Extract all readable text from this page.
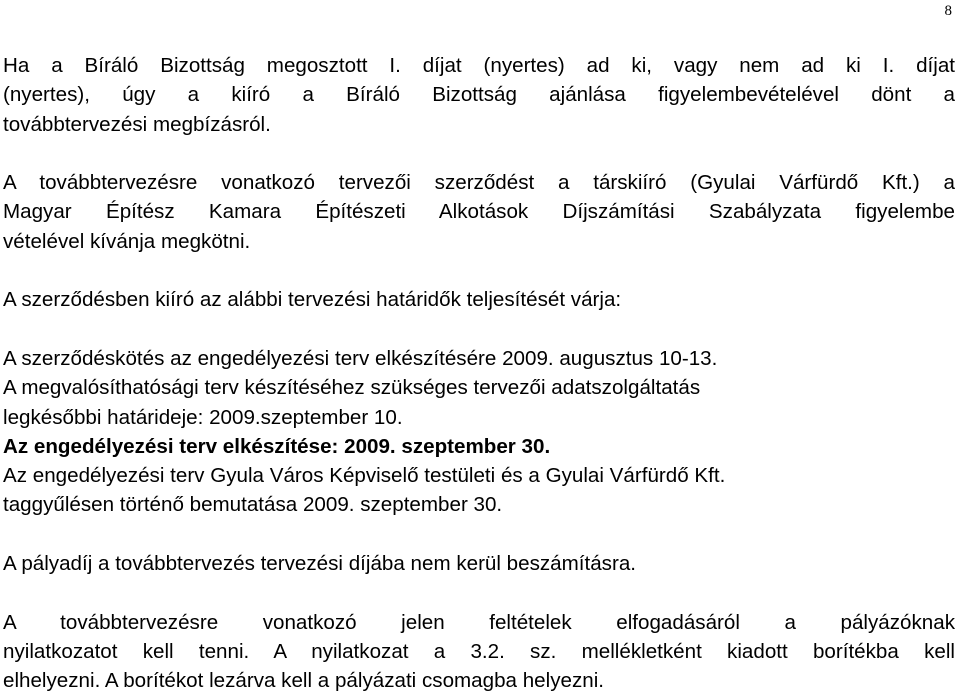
8

Ha a Bíráló Bizottság megosztott I. díjat (nyertes) ad ki, vagy nem ad ki I. díjat
(nyertes), úgy a kiíró a Bíráló Bizottság ajánlása figyelembevételével dönt a
továbbtervezési megbízásról.

A továbbtervezésre vonatkozó tervezői szerződést a társkiíró (Gyulai Várfürdő Kft.) a
Magyar Építész Kamara Építészeti Alkotások Díjszámítási Szabályzata figyelembe
vételével kívánja megkötni.

A szerződésben kiíró az alábbi tervezési határidők teljesítését várja:

A szerződéskötés az engedélyezési terv elkészítésére 2009. augusztus 10-13.
A megvalósíthatósági terv készítéséhez szükséges tervezői adatszolgáltatás
legkésőbbi határideje: 2009.szeptember 10.
Az engedélyezési terv elkészítése: 2009. szeptember 30.
Az engedélyezési terv Gyula Város Képviselő testületi és a Gyulai Várfürdő Kft.
taggyűlésen történő bemutatása 2009. szeptember 30.

A pályadíj a továbbtervezés tervezési díjába nem kerül beszámításra.

A továbbtervezésre vonatkozó jelen feltételek elfogadásáról a pályázóknak
nyilatkozatot kell tenni. A nyilatkozat a 3.2. sz. mellékletként kiadott borítékba kell
elhelyezni. A borítékot lezárva kell a pályázati csomagba helyezni.
